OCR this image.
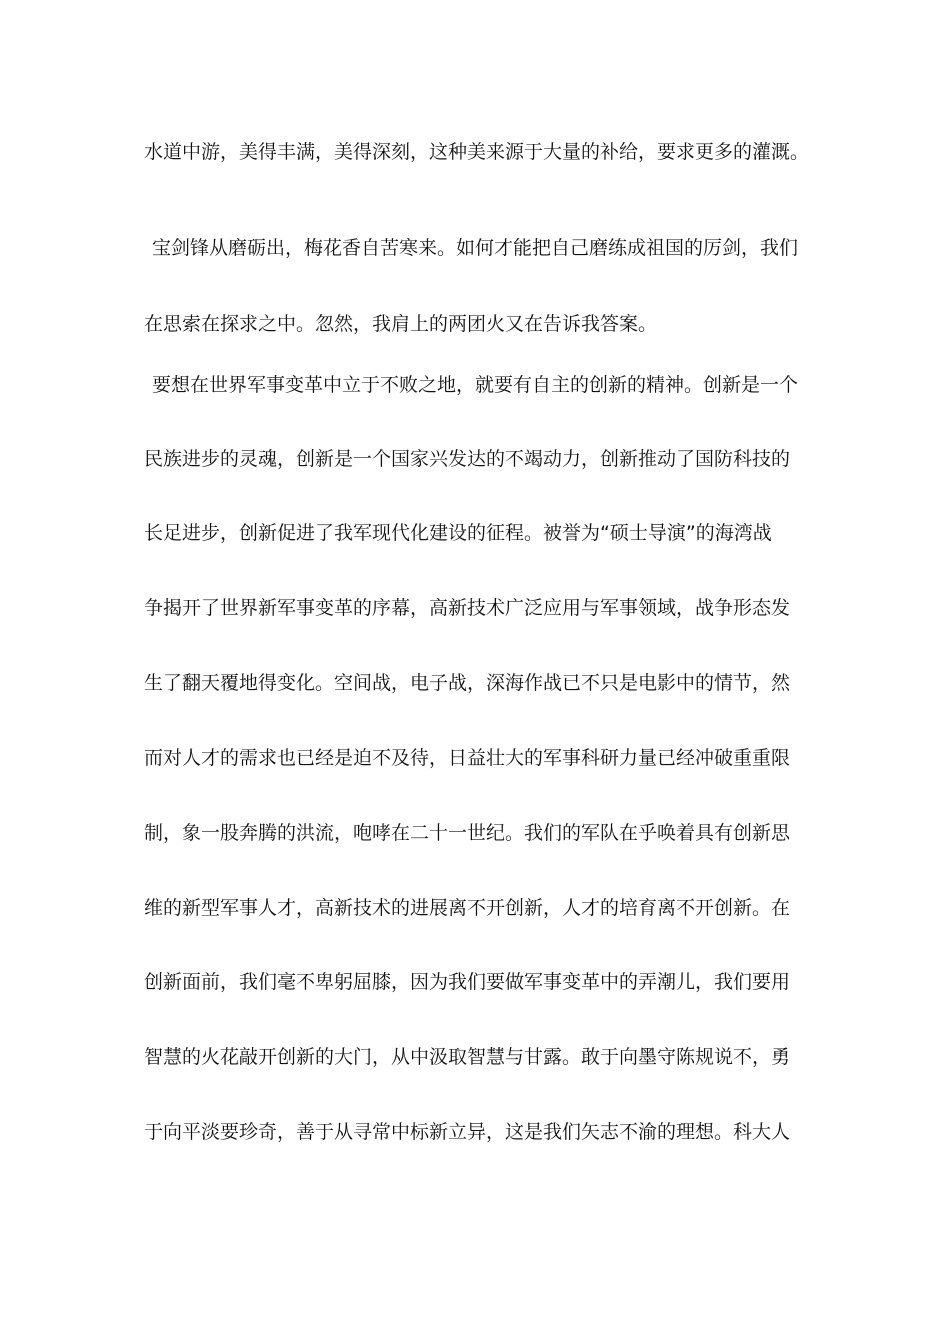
水道中游，美得丰满，美得深刻，这种美来源于大量的补给，要求更多的灌溉。
宝剑锋从磨砺出，梅花香自苦寒来。如何才能把自己磨练成祖国的厉剑，我们
在思索在探求之中。忽然，我肩上的两团火又在告诉我答案。
要想在世界军事变革中立于不败之地，就要有自主的创新的精神。创新是一个
民族进步的灵魂，创新是一个国家兴发达的不竭动力，创新推动了国防科技的
长足进步，创新促进了我军现代化建设的征程。被誉为“硕士导演”的海湾战
争揭开了世界新军事变革的序幕，高新技术广泛应用与军事领域，战争形态发
生了翻天覆地得变化。空间战，电子战，深海作战已不只是电影中的情节，然
而对人才的需求也已经是迫不及待，日益壮大的军事科研力量已经冲破重重限
制，象一股奔腾的洪流，咆哮在二十一世纪。我们的军队在乎唤着具有创新思
维的新型军事人才，高新技术的进展离不开创新，人才的培育离不开创新。在
创新面前，我们毫不卑躬屈膝，因为我们要做军事变革中的弄潮儿，我们要用
智慧的火花敲开创新的大门，从中汲取智慧与甘露。敢于向墨守陈规说不，勇
于向平淡要珍奇，善于从寻常中标新立异，这是我们矢志不渝的理想。科大人
